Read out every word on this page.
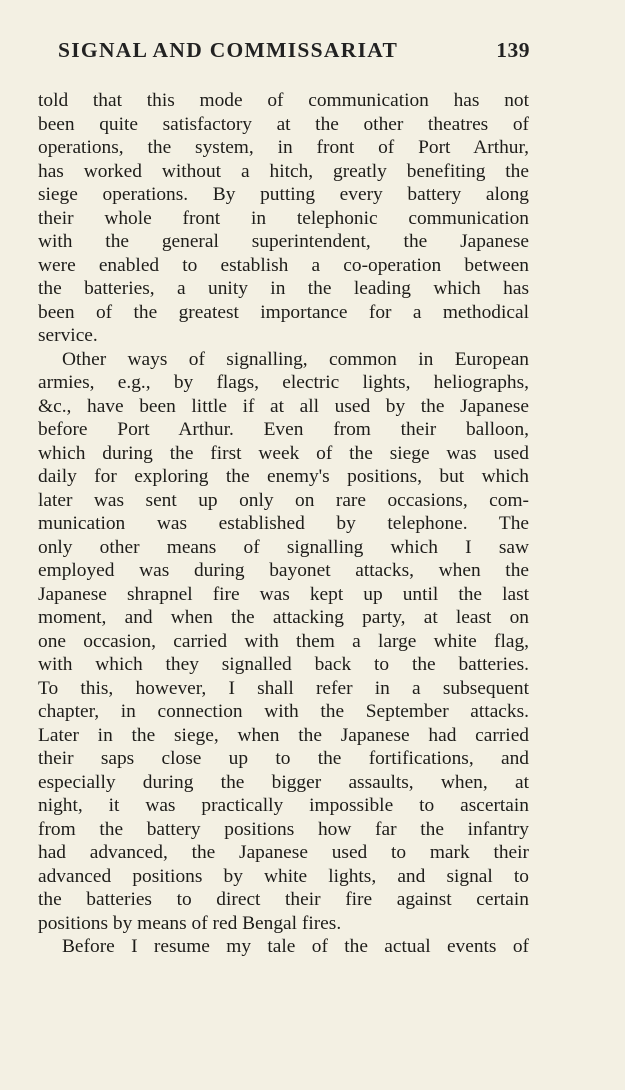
SIGNAL AND COMMISSARIAT	139
told that this mode of communication has not
been quite satisfactory at the other theatres of
operations, the system, in front of Port Arthur,
has worked without a hitch, greatly benefiting the
siege operations. By putting every battery along
their whole front in telephonic communication
with the general superintendent, the Japanese
were enabled to establish a co-operation between
the batteries, a unity in the leading which has
been of the greatest importance for a methodical
service.
Other ways of signalling, common in European
armies, e.g., by flags, electric lights, heliographs,
&c., have been little if at all used by the Japanese
before Port Arthur. Even from their balloon,
which during the first week of the siege was used
daily for exploring the enemy's positions, but which
later was sent up only on rare occasions, com-
munication was established by telephone. The
only other means of signalling which I saw
employed was during bayonet attacks, when the
Japanese shrapnel fire was kept up until the last
moment, and when the attacking party, at least on
one occasion, carried with them a large white flag,
with which they signalled back to the batteries.
To this, however, I shall refer in a subsequent
chapter, in connection with the September attacks.
Later in the siege, when the Japanese had carried
their saps close up to the fortifications, and
especially during the bigger assaults, when, at
night, it was practically impossible to ascertain
from the battery positions how far the infantry
had advanced, the Japanese used to mark their
advanced positions by white lights, and signal to
the batteries to direct their fire against certain
positions by means of red Bengal fires.
Before I resume my tale of the actual events of
